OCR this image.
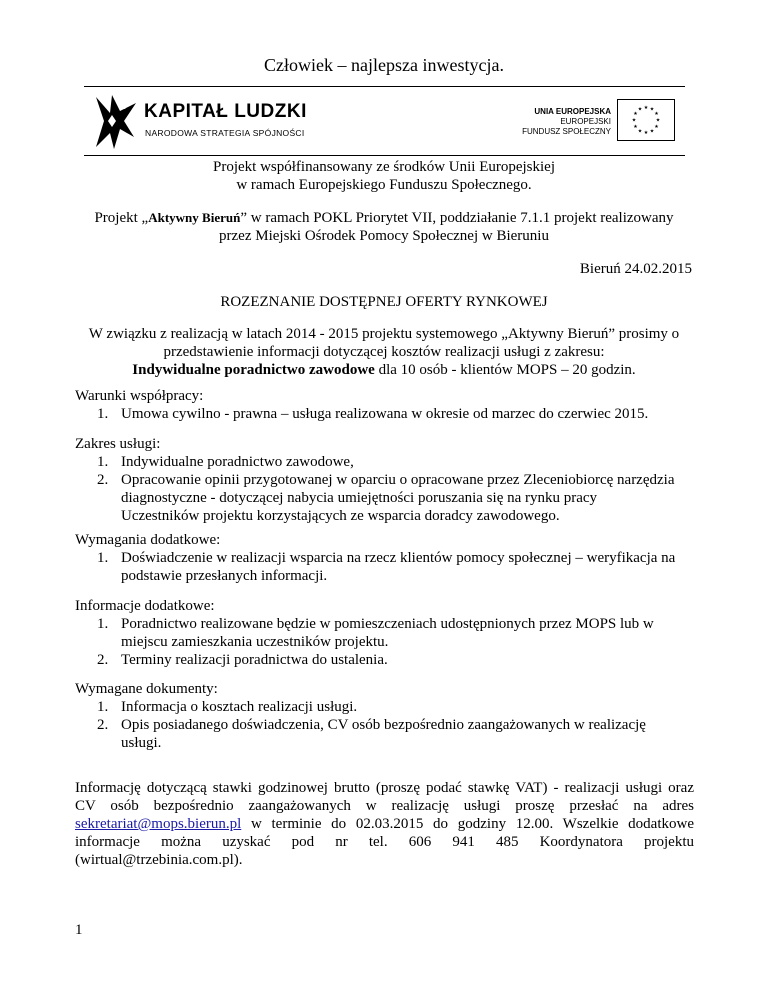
Człowiek – najlepsza inwestycja.
KAPITAŁ LUDZKI
NARODOWA STRATEGIA SPÓJNOŚCI
UNIA EUROPEJSKA
EUROPEJSKI
FUNDUSZ SPOŁECZNY
★ ★
★
★
★
★
★
★
★
★
★
★
Projekt współfinansowany ze środków Unii Europejskiej
w ramach Europejskiego Funduszu Społecznego.
Projekt „Aktywny Bieruń” w ramach POKL Priorytet VII, poddziałanie 7.1.1 projekt realizowany
przez Miejski Ośrodek Pomocy Społecznej w Bieruniu
Bieruń 24.02.2015
ROZEZNANIE DOSTĘPNEJ OFERTY RYNKOWEJ
W związku z realizacją w latach 2014 - 2015 projektu systemowego „Aktywny Bieruń” prosimy o
przedstawienie informacji dotyczącej kosztów realizacji usługi z zakresu:
Indywidualne poradnictwo zawodowe dla 10 osób - klientów MOPS – 20 godzin.
Warunki współpracy:
1. Umowa cywilno - prawna – usługa realizowana w okresie od marzec do czerwiec 2015.
Zakres usługi:
1. Indywidualne poradnictwo zawodowe,
2. Opracowanie opinii przygotowanej w oparciu o opracowane przez Zleceniobiorcę narzędzia
diagnostyczne - dotyczącej nabycia umiejętności poruszania się na rynku pracy
Uczestników projektu korzystających ze wsparcia doradcy zawodowego.
Wymagania dodatkowe:
1. Doświadczenie w realizacji wsparcia na rzecz klientów pomocy społecznej – weryfikacja na
podstawie przesłanych informacji.
Informacje dodatkowe:
1. Poradnictwo realizowane będzie w pomieszczeniach udostępnionych przez MOPS lub w
miejscu zamieszkania uczestników projektu.
2. Terminy realizacji poradnictwa do ustalenia.
Wymagane dokumenty:
1. Informacja o kosztach realizacji usługi.
2. Opis posiadanego doświadczenia, CV osób bezpośrednio zaangażowanych w realizację
usługi.
Informację dotyczącą stawki godzinowej brutto (proszę podać stawkę VAT) - realizacji usługi oraz
CV osób bezpośrednio zaangażowanych w realizację usługi proszę przesłać na adres
sekretariat@mops.bierun.pl w terminie do 02.03.2015 do godziny 12.00. Wszelkie dodatkowe
informacje można uzyskać pod nr tel. 606 941 485 Koordynatora projektu
(wirtual@trzebinia.com.pl).
1
